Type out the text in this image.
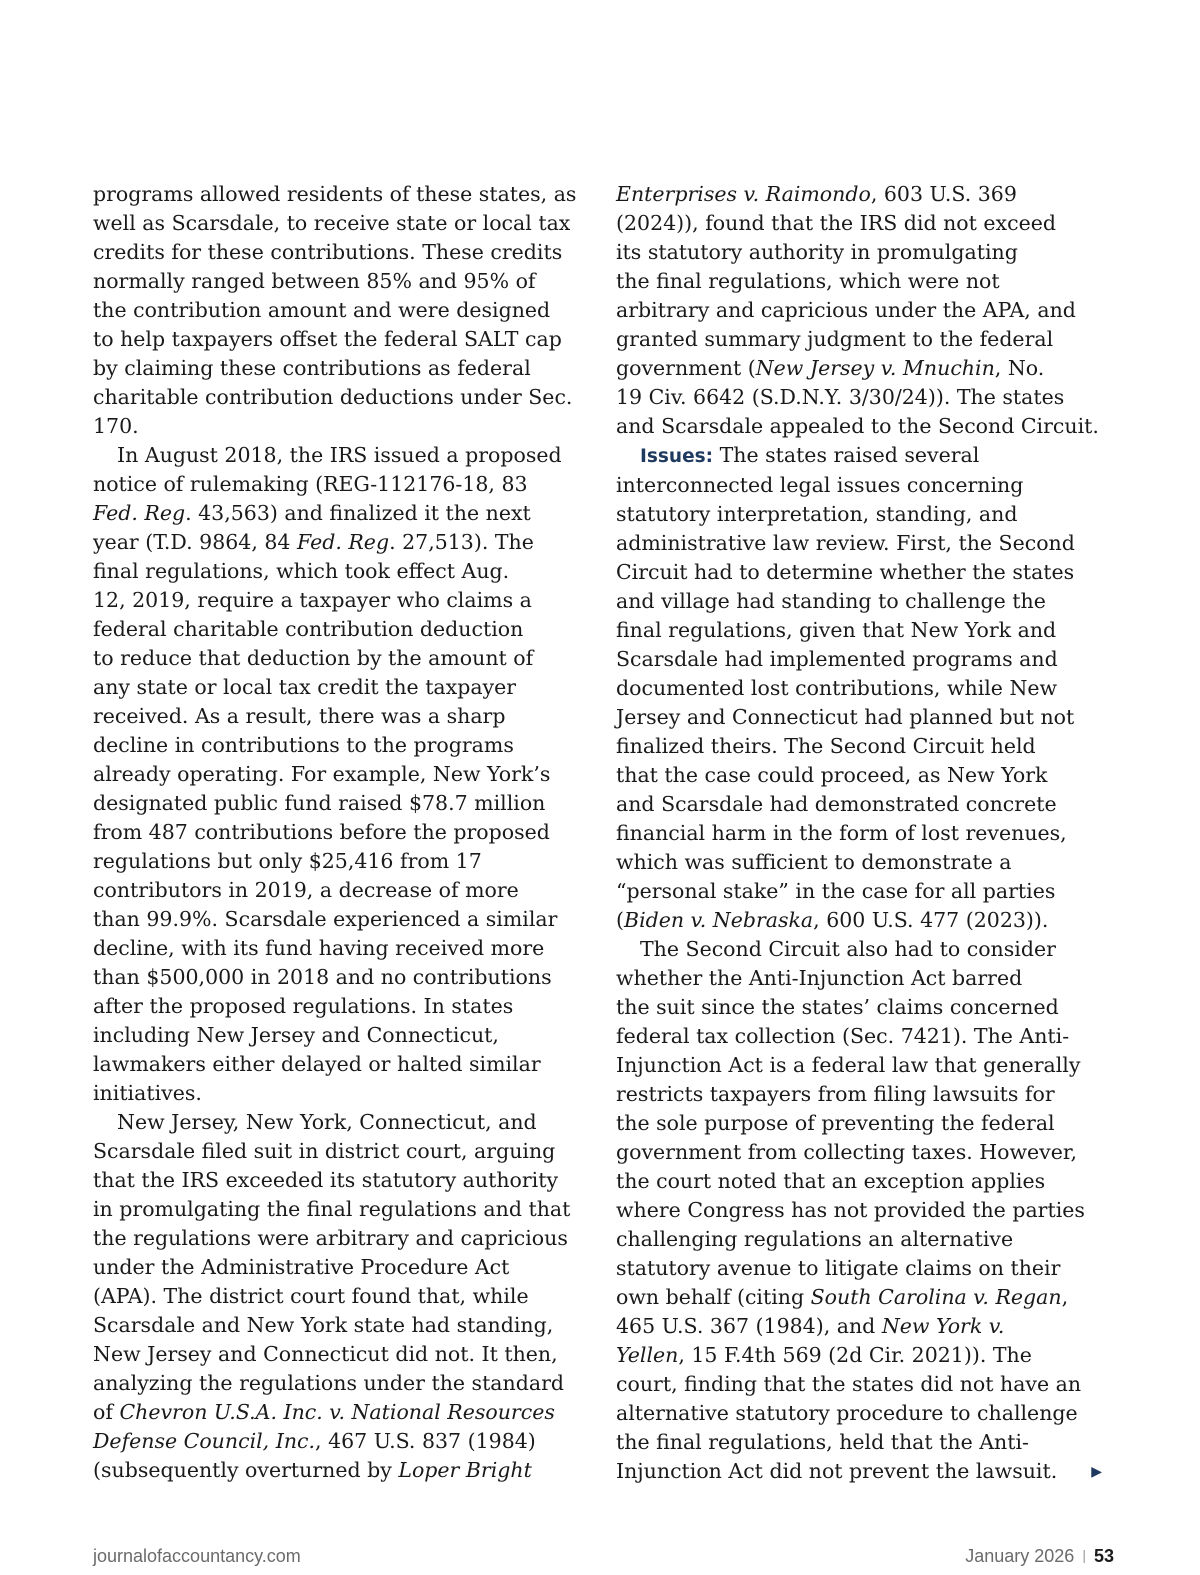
programs allowed residents of these states, as

well as Scarsdale, to receive state or local tax

credits for these contributions. These credits

normally ranged between 85% and 95% of

the contribution amount and were designed

to help taxpayers offset the federal SALT cap

by claiming these contributions as federal

charitable contribution deductions under Sec.

170.

In August 2018, the IRS issued a proposed

notice of rulemaking (REG-112176-18, 83

Fed. Reg. 43,563) and finalized it the next

year (T.D. 9864, 84 Fed. Reg. 27,513). The

final regulations, which took effect Aug.

12, 2019, require a taxpayer who claims a

federal charitable contribution deduction

to reduce that deduction by the amount of

any state or local tax credit the taxpayer

received. As a result, there was a sharp

decline in contributions to the programs

already operating. For example, New York’s

designated public fund raised $78.7 million

from 487 contributions before the proposed

regulations but only $25,416 from 17

contributors in 2019, a decrease of more

than 99.9%. Scarsdale experienced a similar

decline, with its fund having received more

than $500,000 in 2018 and no contributions

after the proposed regulations. In states

including New Jersey and Connecticut,

lawmakers either delayed or halted similar

initiatives.

New Jersey, New York, Connecticut, and

Scarsdale filed suit in district court, arguing

that the IRS exceeded its statutory authority

in promulgating the final regulations and that

the regulations were arbitrary and capricious

under the Administrative Procedure Act

(APA). The district court found that, while

Scarsdale and New York state had standing,

New Jersey and Connecticut did not. It then,

analyzing the regulations under the standard

of Chevron U.S.A. Inc. v. National Resources

Defense Council, Inc., 467 U.S. 837 (1984)

(subsequently overturned by Loper Bright

Enterprises v. Raimondo, 603 U.S. 369

(2024)), found that the IRS did not exceed

its statutory authority in promulgating

the final regulations, which were not

arbitrary and capricious under the APA, and

granted summary judgment to the federal

government (New Jersey v. Mnuchin, No.

19 Civ. 6642 (S.D.N.Y. 3/30/24)). The states

and Scarsdale appealed to the Second Circuit.

Issues: The states raised several

interconnected legal issues concerning

statutory interpretation, standing, and

administrative law review. First, the Second

Circuit had to determine whether the states

and village had standing to challenge the

final regulations, given that New York and

Scarsdale had implemented programs and

documented lost contributions, while New

Jersey and Connecticut had planned but not

finalized theirs. The Second Circuit held

that the case could proceed, as New York

and Scarsdale had demonstrated concrete

financial harm in the form of lost revenues,

which was sufficient to demonstrate a

“personal stake” in the case for all parties

(Biden v. Nebraska, 600 U.S. 477 (2023)).

The Second Circuit also had to consider

whether the Anti-Injunction Act barred

the suit since the states’ claims concerned

federal tax collection (Sec. 7421). The Anti-

Injunction Act is a federal law that generally

restricts taxpayers from filing lawsuits for

the sole purpose of preventing the federal

government from collecting taxes. However,

the court noted that an exception applies

where Congress has not provided the parties

challenging regulations an alternative

statutory avenue to litigate claims on their

own behalf (citing South Carolina v. Regan,

465 U.S. 367 (1984), and New York v.

Yellen, 15 F.4th 569 (2d Cir. 2021)). The

court, finding that the states did not have an

alternative statutory procedure to challenge

the final regulations, held that the Anti-

Injunction Act did not prevent the lawsuit. ▶

journalofaccountancy.com	January 2026 | 53
